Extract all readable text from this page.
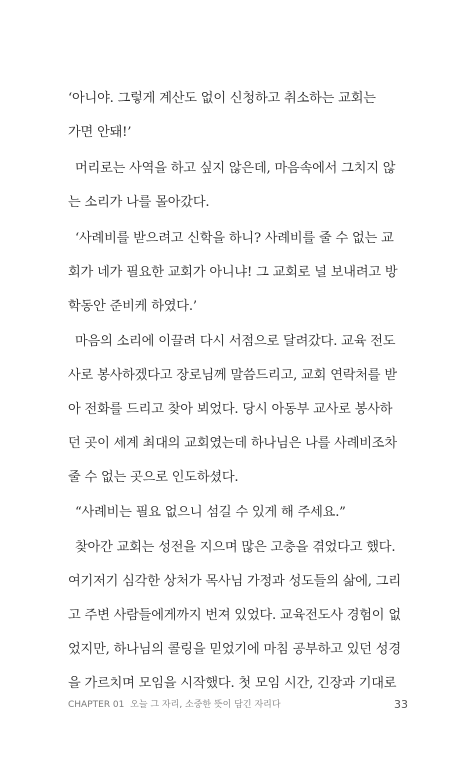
‘아니야. 그렇게 계산도 없이 신청하고 취소하는 교회는
가면 안돼!’
머리로는 사역을 하고 싶지 않은데, 마음속에서 그치지 않
는 소리가 나를 몰아갔다.
‘사례비를 받으려고 신학을 하니? 사례비를 줄 수 없는 교
회가 네가 필요한 교회가 아니냐! 그 교회로 널 보내려고 방
학동안 준비케 하였다.’
마음의 소리에 이끌려 다시 서점으로 달려갔다. 교육 전도
사로 봉사하겠다고 장로님께 말씀드리고, 교회 연락처를 받
아 전화를 드리고 찾아 뵈었다. 당시 아동부 교사로 봉사하
던 곳이 세계 최대의 교회였는데 하나님은 나를 사례비조차
줄 수 없는 곳으로 인도하셨다.
“사례비는 필요 없으니 섬길 수 있게 해 주세요.”
찾아간 교회는 성전을 지으며 많은 고충을 겪었다고 했다.
여기저기 심각한 상처가 목사님 가정과 성도들의 삶에, 그리
고 주변 사람들에게까지 번져 있었다. 교육전도사 경험이 없
었지만, 하나님의 콜링을 믿었기에 마침 공부하고 있던 성경
을 가르치며 모임을 시작했다. 첫 모임 시간, 긴장과 기대로
CHAPTER 01 오늘 그 자리, 소중한 뜻이 담긴 자리다	33
